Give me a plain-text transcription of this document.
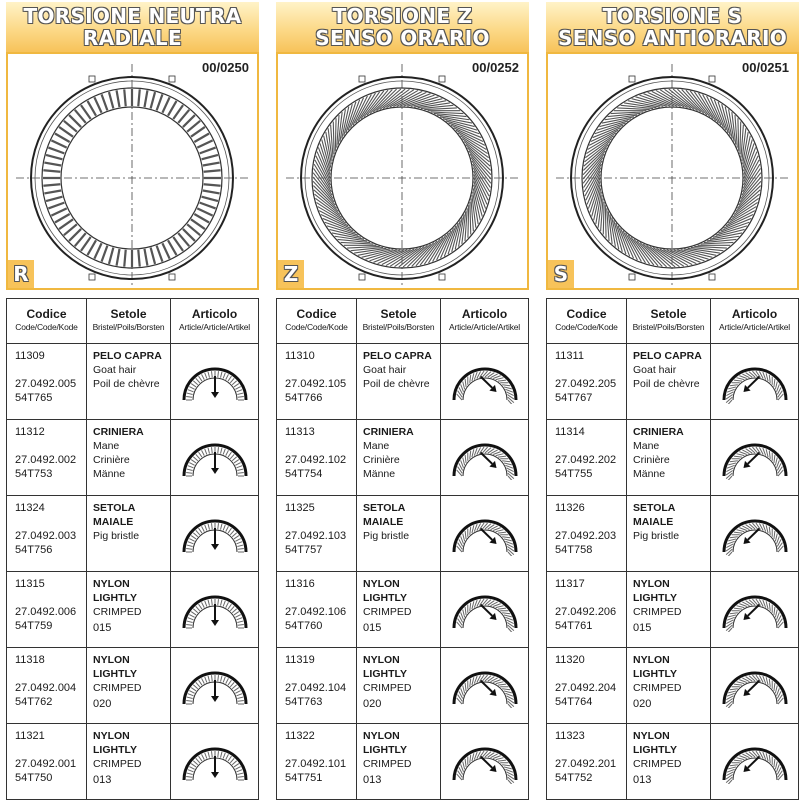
TORSIONE NEUTRA
RADIALE
00/0250
R
Codice
Code/Code/Kode
Setole
Bristel/Poils/Borsten
Articolo
Article/Article/Artikel
11309
27.0492.005
54T765
PELO CAPRA
Goat hair
Poil de chèvre
11312
27.0492.002
54T753
CRINIERA
Mane
Crinière
Männe
11324
27.0492.003
54T756
SETOLA MAIALE
Pig bristle
11315
27.0492.006
54T759
NYLON LIGHTLY
CRIMPED
015
11318
27.0492.004
54T762
NYLON LIGHTLY
CRIMPED
020
11321
27.0492.001
54T750
NYLON LIGHTLY
CRIMPED
013
TORSIONE Z
SENSO ORARIO
00/0252
Z
Codice
Code/Code/Kode
Setole
Bristel/Poils/Borsten
Articolo
Article/Article/Artikel
11310
27.0492.105
54T766
PELO CAPRA
Goat hair
Poil de chèvre
11313
27.0492.102
54T754
CRINIERA
Mane
Crinière
Männe
11325
27.0492.103
54T757
SETOLA MAIALE
Pig bristle
11316
27.0492.106
54T760
NYLON LIGHTLY
CRIMPED
015
11319
27.0492.104
54T763
NYLON LIGHTLY
CRIMPED
020
11322
27.0492.101
54T751
NYLON LIGHTLY
CRIMPED
013
TORSIONE S
SENSO ANTIORARIO
00/0251
S
Codice
Code/Code/Kode
Setole
Bristel/Poils/Borsten
Articolo
Article/Article/Artikel
11311
27.0492.205
54T767
PELO CAPRA
Goat hair
Poil de chèvre
11314
27.0492.202
54T755
CRINIERA
Mane
Crinière
Männe
11326
27.0492.203
54T758
SETOLA MAIALE
Pig bristle
11317
27.0492.206
54T761
NYLON LIGHTLY
CRIMPED
015
11320
27.0492.204
54T764
NYLON LIGHTLY
CRIMPED
020
11323
27.0492.201
54T752
NYLON LIGHTLY
CRIMPED
013
